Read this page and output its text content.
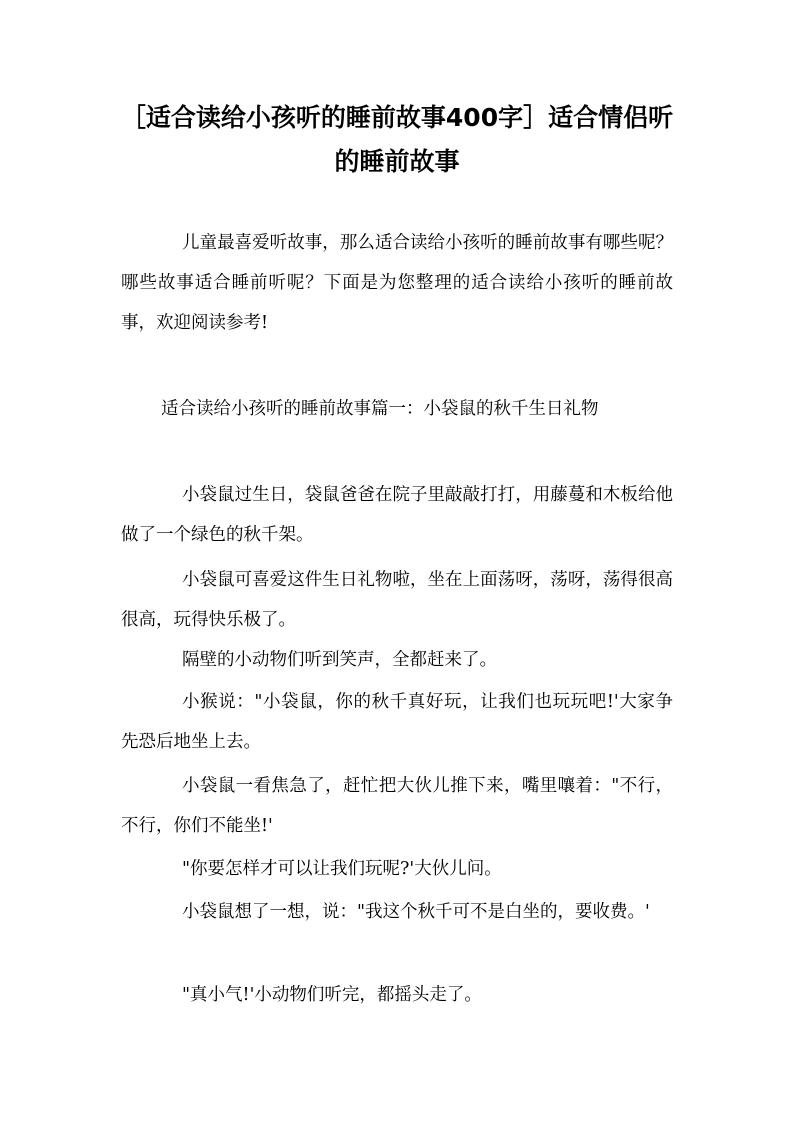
［适合读给小孩听的睡前故事400字］适合情侣听的睡前故事

儿童最喜爱听故事，那么适合读给小孩听的睡前故事有哪些呢？哪些故事适合睡前听呢？下面是为您整理的适合读给小孩听的睡前故事，欢迎阅读参考!

适合读给小孩听的睡前故事篇一：小袋鼠的秋千生日礼物

小袋鼠过生日，袋鼠爸爸在院子里敲敲打打，用藤蔓和木板给他做了一个绿色的秋千架。

小袋鼠可喜爱这件生日礼物啦，坐在上面荡呀，荡呀，荡得很高很高，玩得快乐极了。

隔壁的小动物们听到笑声，全都赶来了。

小猴说："小袋鼠，你的秋千真好玩，让我们也玩玩吧!'大家争先恐后地坐上去。

小袋鼠一看焦急了，赶忙把大伙儿推下来，嘴里嚷着："不行，不行，你们不能坐!'

"你要怎样才可以让我们玩呢?'大伙儿问。

小袋鼠想了一想，说："我这个秋千可不是白坐的，要收费。'

"真小气!'小动物们听完，都摇头走了。
